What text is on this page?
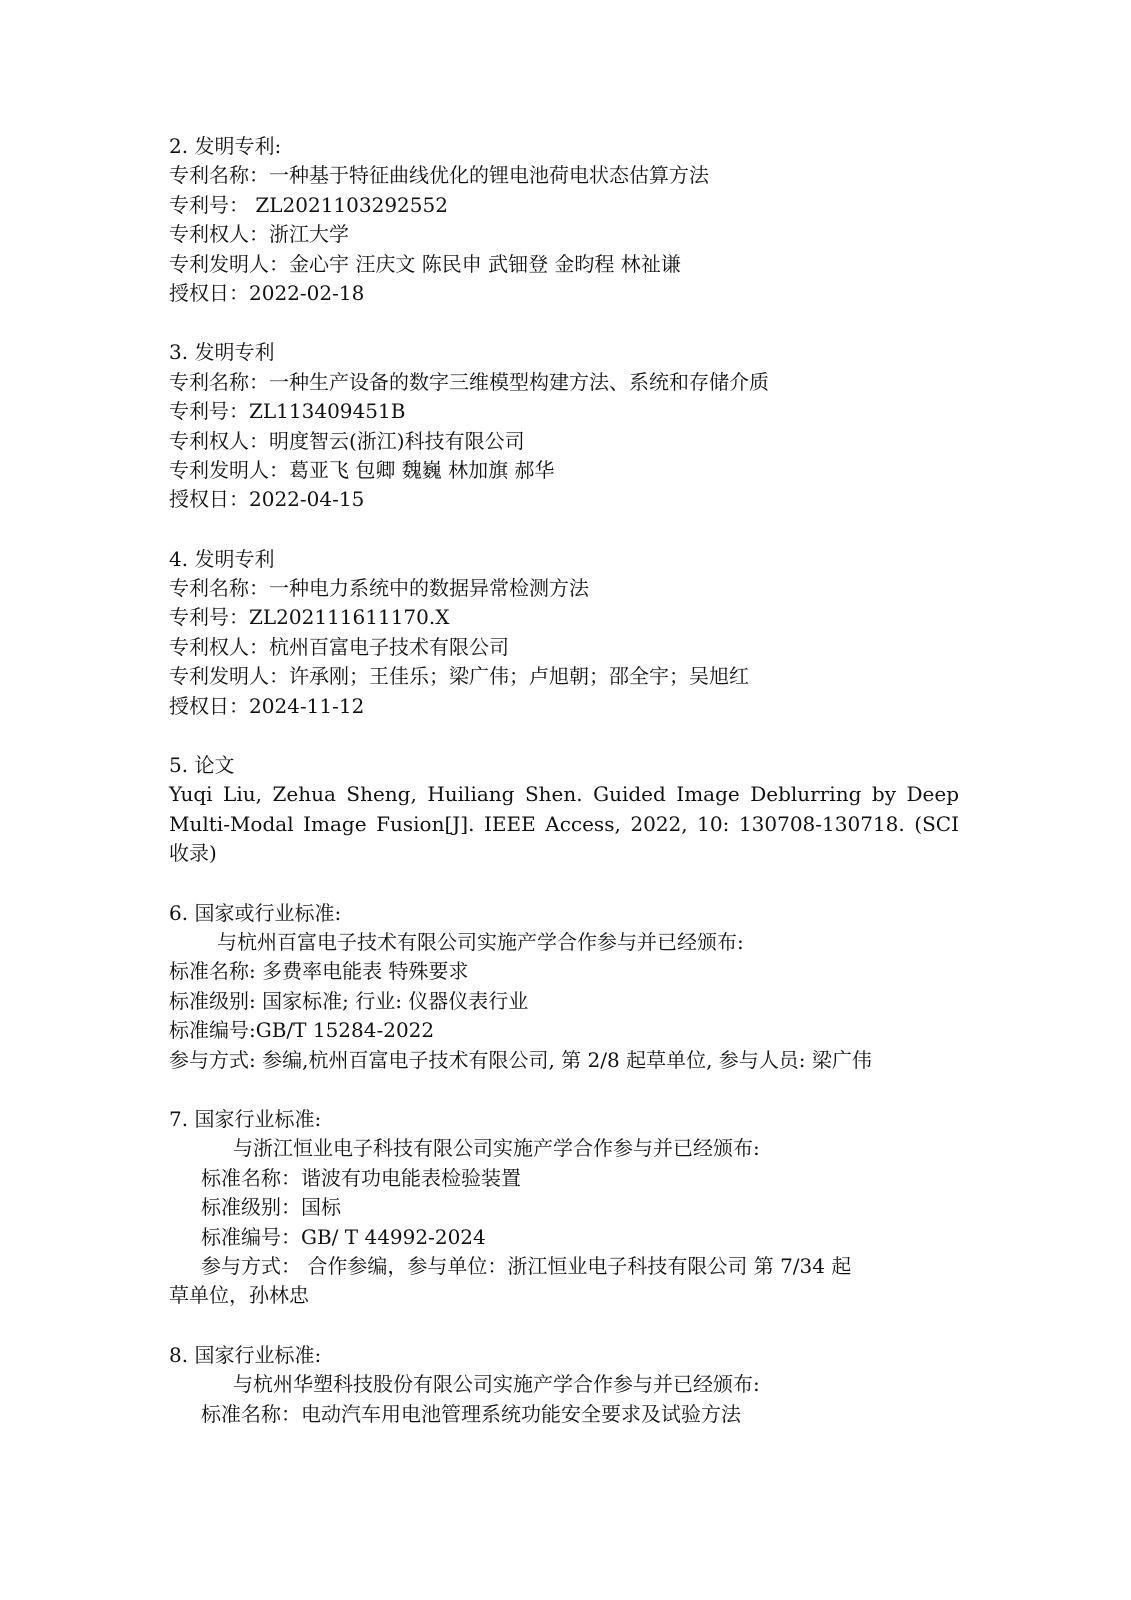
2. 发明专利:

专利名称：一种基于特征曲线优化的锂电池荷电状态估算方法

专利号： ZL2021103292552

专利权人：浙江大学

专利发明人：金心宇 汪庆文 陈民申 武钿登 金昀程 林祉谦

授权日：2022-02-18

3. 发明专利

专利名称：一种生产设备的数字三维模型构建方法、系统和存储介质

专利号：ZL113409451B

专利权人：明度智云(浙江)科技有限公司

专利发明人：葛亚飞 包卿 魏巍 林加旗 郝华

授权日：2022-04-15

4. 发明专利

专利名称：一种电力系统中的数据异常检测方法

专利号：ZL202111611170.X

专利权人：杭州百富电子技术有限公司

专利发明人：许承刚；王佳乐；梁广伟；卢旭朝；邵全宇；吴旭红

授权日：2024-11-12

5. 论文

Yuqi Liu, Zehua Sheng, Huiliang Shen. Guided Image Deblurring by Deep Multi-Modal Image Fusion[J]. IEEE Access, 2022, 10: 130708-130718. (SCI 收录)

6. 国家或行业标准:

与杭州百富电子技术有限公司实施产学合作参与并已经颁布:

标准名称: 多费率电能表 特殊要求

标准级别: 国家标准; 行业: 仪器仪表行业

标准编号:GB/T 15284-2022

参与方式: 参编,杭州百富电子技术有限公司, 第 2/8 起草单位, 参与人员: 梁广伟

7. 国家行业标准:

与浙江恒业电子科技有限公司实施产学合作参与并已经颁布:

标准名称：谐波有功电能表检验装置

标准级别：国标

标准编号：GB/ T 44992-2024

参与方式： 合作参编，参与单位：浙江恒业电子科技有限公司 第 7/34 起

草单位，孙林忠

8. 国家行业标准:

与杭州华塑科技股份有限公司实施产学合作参与并已经颁布:

标准名称：电动汽车用电池管理系统功能安全要求及试验方法
